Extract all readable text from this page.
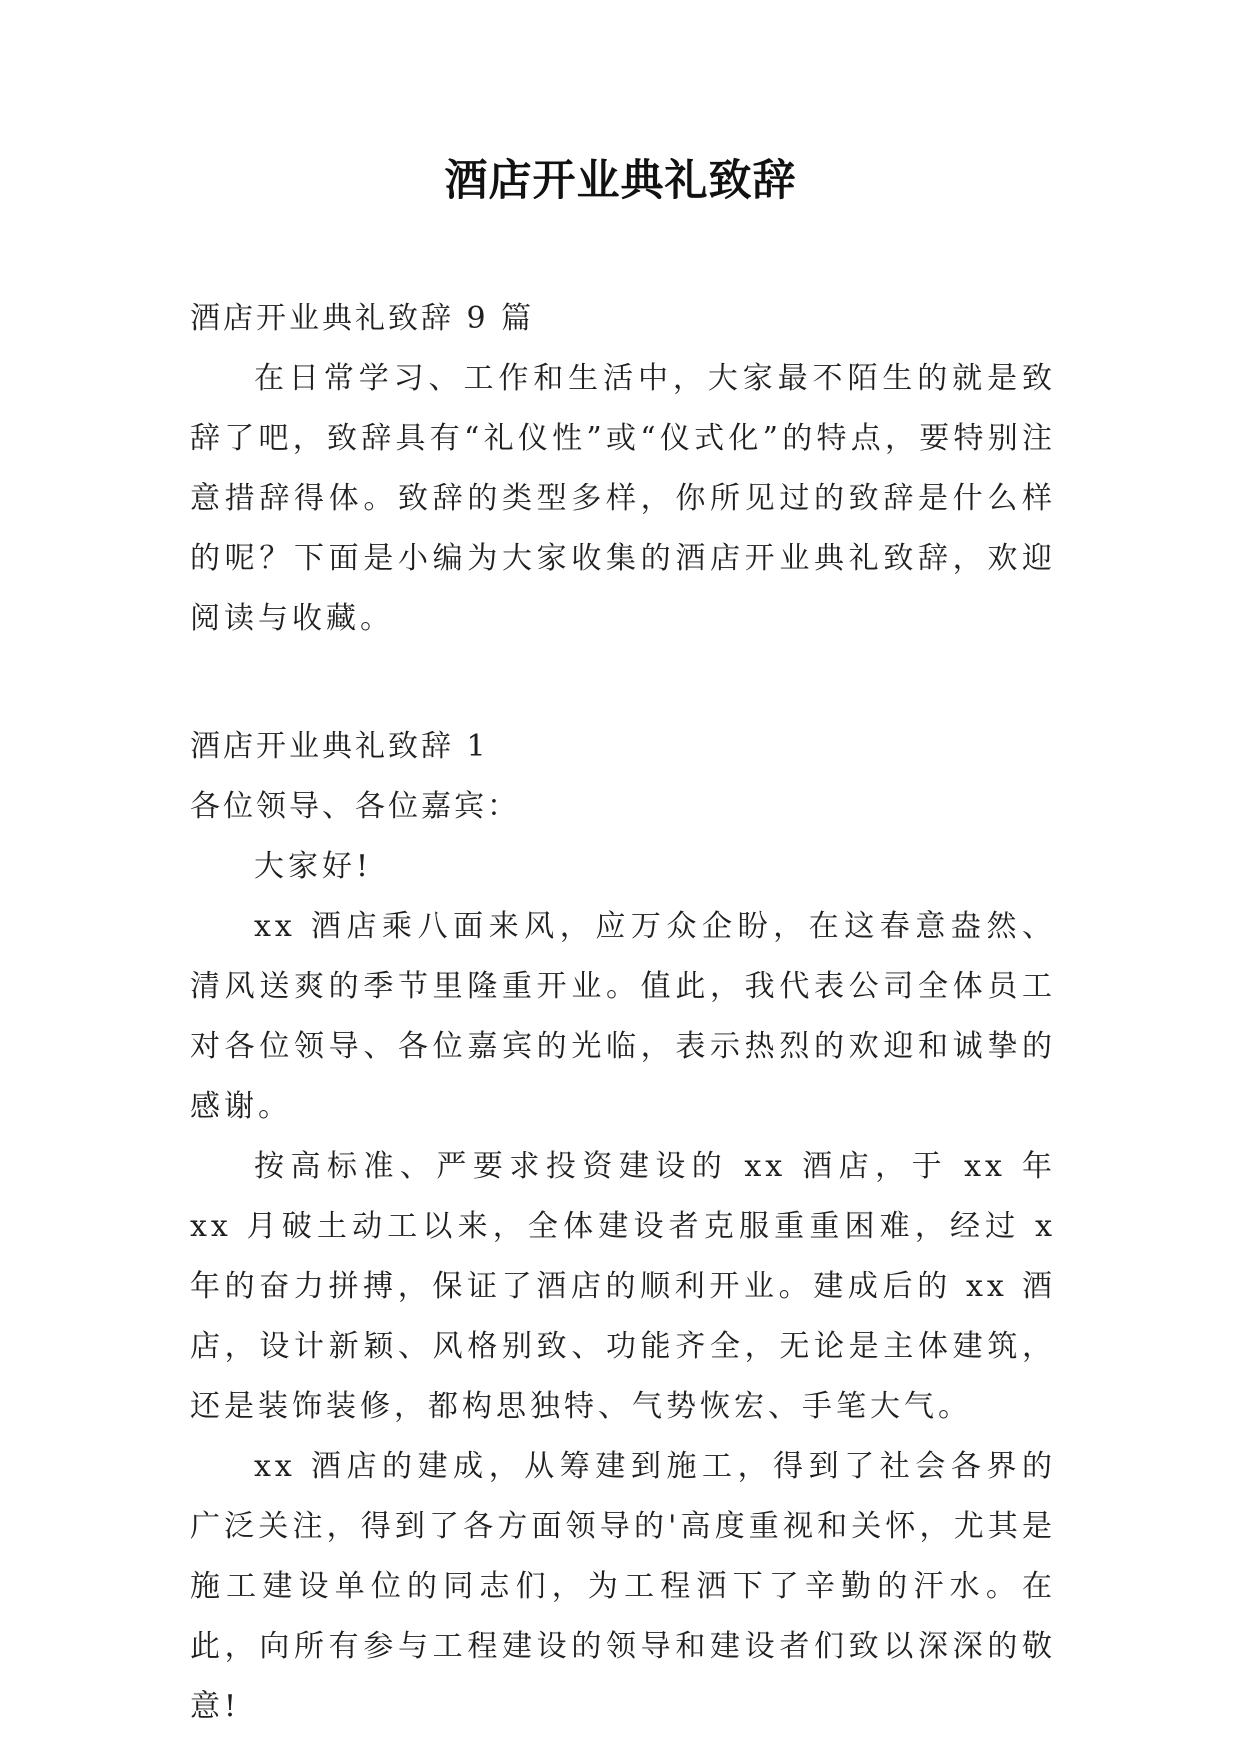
酒店开业典礼致辞

酒店开业典礼致辞 9 篇

在日常学习、工作和生活中，大家最不陌生的就是致辞了吧，致辞具有“礼仪性”或“仪式化”的特点，要特别注意措辞得体。致辞的类型多样，你所见过的致辞是什么样的呢？下面是小编为大家收集的酒店开业典礼致辞，欢迎阅读与收藏。

酒店开业典礼致辞 1

各位领导、各位嘉宾：

大家好!

xx 酒店乘八面来风，应万众企盼，在这春意盎然、清风送爽的季节里隆重开业。值此，我代表公司全体员工对各位领导、各位嘉宾的光临，表示热烈的欢迎和诚挚的感谢。

按高标准、严要求投资建设的 xx 酒店，于 xx 年 xx 月破土动工以来，全体建设者克服重重困难，经过 x 年的奋力拼搏，保证了酒店的顺利开业。建成后的 xx 酒店，设计新颖、风格别致、功能齐全，无论是主体建筑，还是装饰装修，都构思独特、气势恢宏、手笔大气。

xx 酒店的建成，从筹建到施工，得到了社会各界的广泛关注，得到了各方面领导的'高度重视和关怀，尤其是施工建设单位的同志们，为工程洒下了辛勤的汗水。在此，向所有参与工程建设的领导和建设者们致以深深的敬意!
